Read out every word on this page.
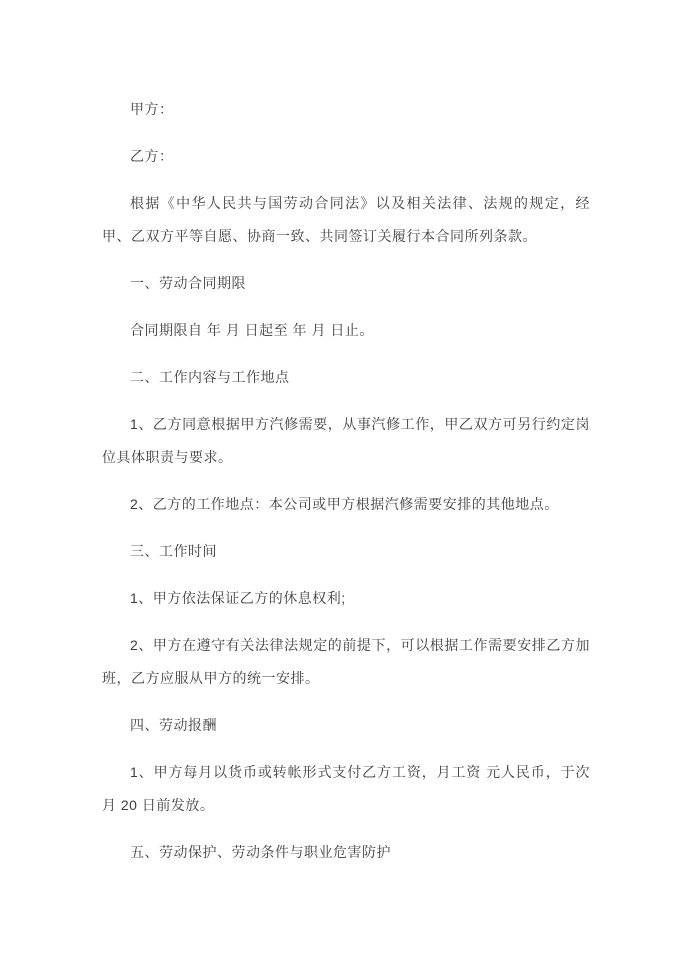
甲方：

乙方：

根据《中华人民共与国劳动合同法》以及相关法律、法规的规定，经甲、乙双方平等自愿、协商一致、共同签订关履行本合同所列条款。

一、劳动合同期限

合同期限自 年 月 日起至 年 月 日止。

二、工作内容与工作地点

1、乙方同意根据甲方汽修需要，从事汽修工作，甲乙双方可另行约定岗位具体职责与要求。

2、乙方的工作地点：本公司或甲方根据汽修需要安排的其他地点。

三、工作时间

1、甲方依法保证乙方的休息权利;

2、甲方在遵守有关法律法规定的前提下，可以根据工作需要安排乙方加班，乙方应服从甲方的统一安排。

四、劳动报酬

1、甲方每月以货币或转帐形式支付乙方工资，月工资 元人民币，于次月 20 日前发放。

五、劳动保护、劳动条件与职业危害防护
